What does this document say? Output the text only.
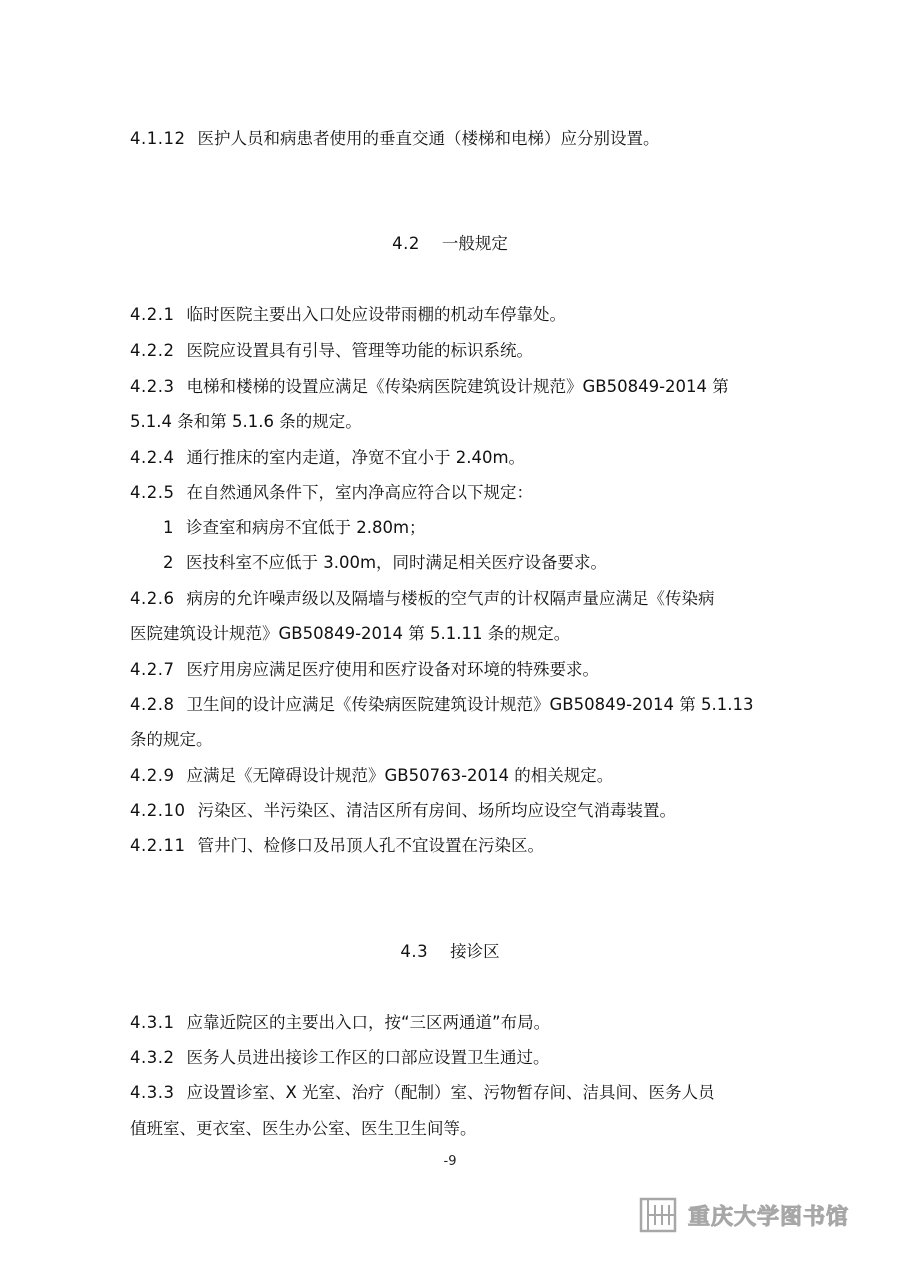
4.1.12 医护人员和病患者使用的垂直交通（楼梯和电梯）应分别设置。
4.2 一般规定
4.2.1 临时医院主要出入口处应设带雨棚的机动车停靠处。
4.2.2 医院应设置具有引导、管理等功能的标识系统。
4.2.3 电梯和楼梯的设置应满足《传染病医院建筑设计规范》GB50849-2014 第
5.1.4 条和第 5.1.6 条的规定。
4.2.4 通行推床的室内走道，净宽不宜小于 2.40m。
4.2.5 在自然通风条件下，室内净高应符合以下规定：
1 诊查室和病房不宜低于 2.80m；
2 医技科室不应低于 3.00m，同时满足相关医疗设备要求。
4.2.6 病房的允许噪声级以及隔墙与楼板的空气声的计权隔声量应满足《传染病
医院建筑设计规范》GB50849-2014 第 5.1.11 条的规定。
4.2.7 医疗用房应满足医疗使用和医疗设备对环境的特殊要求。
4.2.8 卫生间的设计应满足《传染病医院建筑设计规范》GB50849-2014 第 5.1.13
条的规定。
4.2.9 应满足《无障碍设计规范》GB50763-2014 的相关规定。
4.2.10 污染区、半污染区、清洁区所有房间、场所均应设空气消毒装置。
4.2.11 管井门、检修口及吊顶人孔不宜设置在污染区。
4.3 接诊区
4.3.1 应靠近院区的主要出入口，按“三区两通道”布局。
4.3.2 医务人员进出接诊工作区的口部应设置卫生通过。
4.3.3 应设置诊室、X 光室、治疗（配制）室、污物暂存间、洁具间、医务人员
值班室、更衣室、医生办公室、医生卫生间等。
-9
重庆大学图书馆
